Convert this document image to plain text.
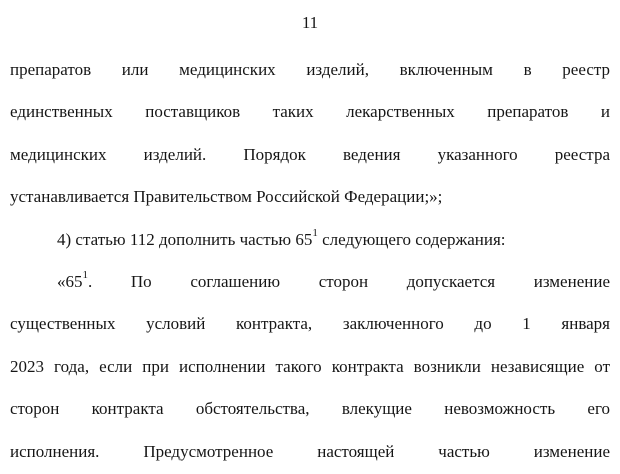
11
препаратов или медицинских изделий, включенным в реестр
единственных поставщиков таких лекарственных препаратов и
медицинских изделий. Порядок ведения указанного реестра
устанавливается Правительством Российской Федерации;»;
4) статью 112 дополнить частью 65$^1$ следующего содержания:
«65$^1$. По соглашению сторон допускается изменение
существенных условий контракта, заключенного до 1 января
2023 года, если при исполнении такого контракта возникли независящие от
сторон контракта обстоятельства, влекущие невозможность его
исполнения. Предусмотренное настоящей частью изменение
